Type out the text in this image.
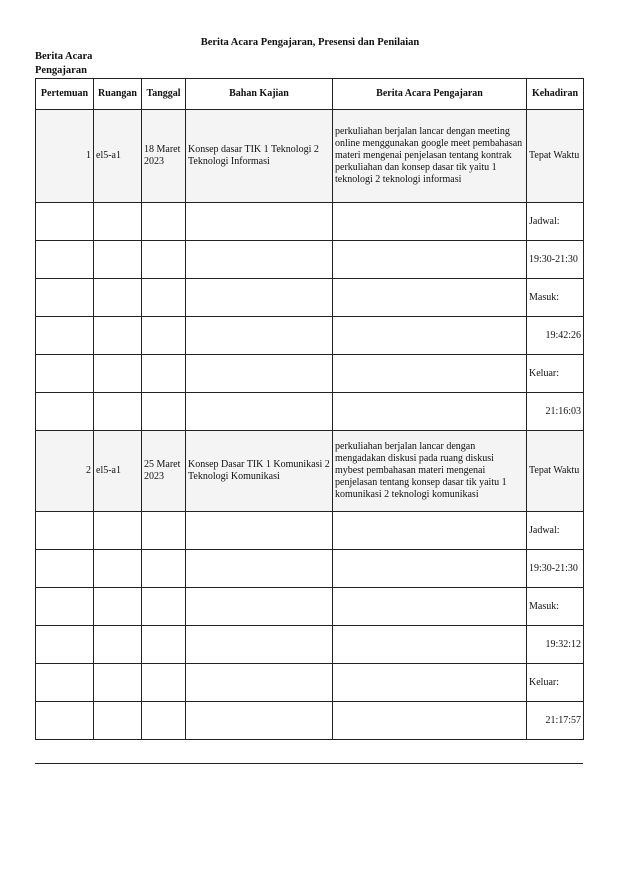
Berita Acara Pengajaran, Presensi dan Penilaian
Berita Acara Pengajaran
Pertemuan	Ruangan	Tanggal	Bahan Kajian	Berita Acara Pengajaran	Kehadiran
1	el5-a1	18 Maret 2023	Konsep dasar TIK 1 Teknologi 2 Teknologi Informasi	perkuliahan berjalan lancar dengan meeting online menggunakan google meet pembahasan materi mengenai penjelasan tentang kontrak perkuliahan dan konsep dasar tik yaitu 1 teknologi 2 teknologi informasi	Tepat Waktu
					Jadwal:
					19:30-21:30
					Masuk:
					19:42:26
					Keluar:
					21:16:03
2	el5-a1	25 Maret 2023	Konsep Dasar TIK 1 Komunikasi 2 Teknologi Komunikasi	perkuliahan berjalan lancar dengan mengadakan diskusi pada ruang diskusi mybest pembahasan materi mengenai penjelasan tentang konsep dasar tik yaitu 1 komunikasi 2 teknologi komunikasi	Tepat Waktu
					Jadwal:
					19:30-21:30
					Masuk:
					19:32:12
					Keluar:
					21:17:57
